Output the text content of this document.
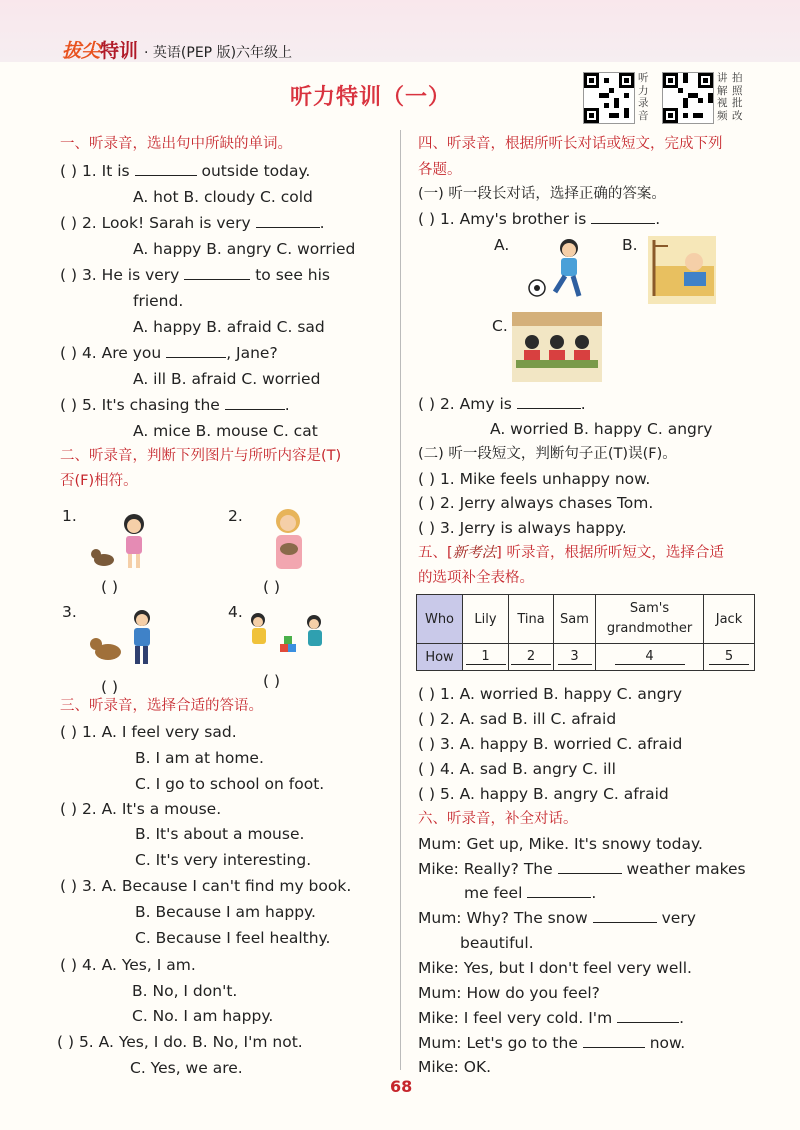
拔尖特训 · 英语(PEP 版)六年级上
听力特训（一）
听力录音
讲解视频
拍照批改
一、听录音，选出句中所缺的单词。
( ) 1. It is	outside today.
A. hot B. cloudy C. cold
( ) 2. Look! Sarah is very	.
A. happy B. angry C. worried
( ) 3. He is very	to see his
friend.
A. happy B. afraid C. sad
( ) 4. Are you	, Jane?
A. ill B. afraid C. worried
( ) 5. It's chasing the	.
A. mice B. mouse C. cat
二、听录音，判断下列图片与所听内容是(T)
否(F)相符。
1.
( )
2.
( )
3.
( )
4.
( )
三、听录音，选择合适的答语。
( ) 1. A. I feel very sad.
B. I am at home.
C. I go to school on foot.
( ) 2. A. It's a mouse.
B. It's about a mouse.
C. It's very interesting.
( ) 3. A. Because I can't find my book.
B. Because I am happy.
C. Because I feel healthy.
( ) 4. A. Yes, I am.
B. No, I don't.
C. No. I am happy.
( ) 5. A. Yes, I do. B. No, I'm not.
C. Yes, we are.
四、听录音，根据所听长对话或短文，完成下列
各题。
(一) 听一段长对话，选择正确的答案。
( ) 1. Amy's brother is	.
A.	B.
C.
( ) 2. Amy is	.
A. worried B. happy C. angry
(二) 听一段短文，判断句子正(T)误(F)。
( ) 1. Mike feels unhappy now.
( ) 2. Jerry always chases Tom.
( ) 3. Jerry is always happy.
五、[新考法] 听录音，根据所听短文，选择合适
的选项补全表格。
Who	Lily	Tina	Sam	Sam's grandmother	Jack
How	1	2	3	4	5
( ) 1. A. worried B. happy C. angry
( ) 2. A. sad B. ill C. afraid
( ) 3. A. happy B. worried C. afraid
( ) 4. A. sad B. angry C. ill
( ) 5. A. happy B. angry C. afraid
六、听录音，补全对话。
Mum: Get up, Mike. It's snowy today.
Mike: Really? The	weather makes
me feel	.
Mum: Why? The snow	very
beautiful.
Mike: Yes, but I don't feel very well.
Mum: How do you feel?
Mike: I feel very cold. I'm	.
Mum: Let's go to the	now.
Mike: OK.
68
